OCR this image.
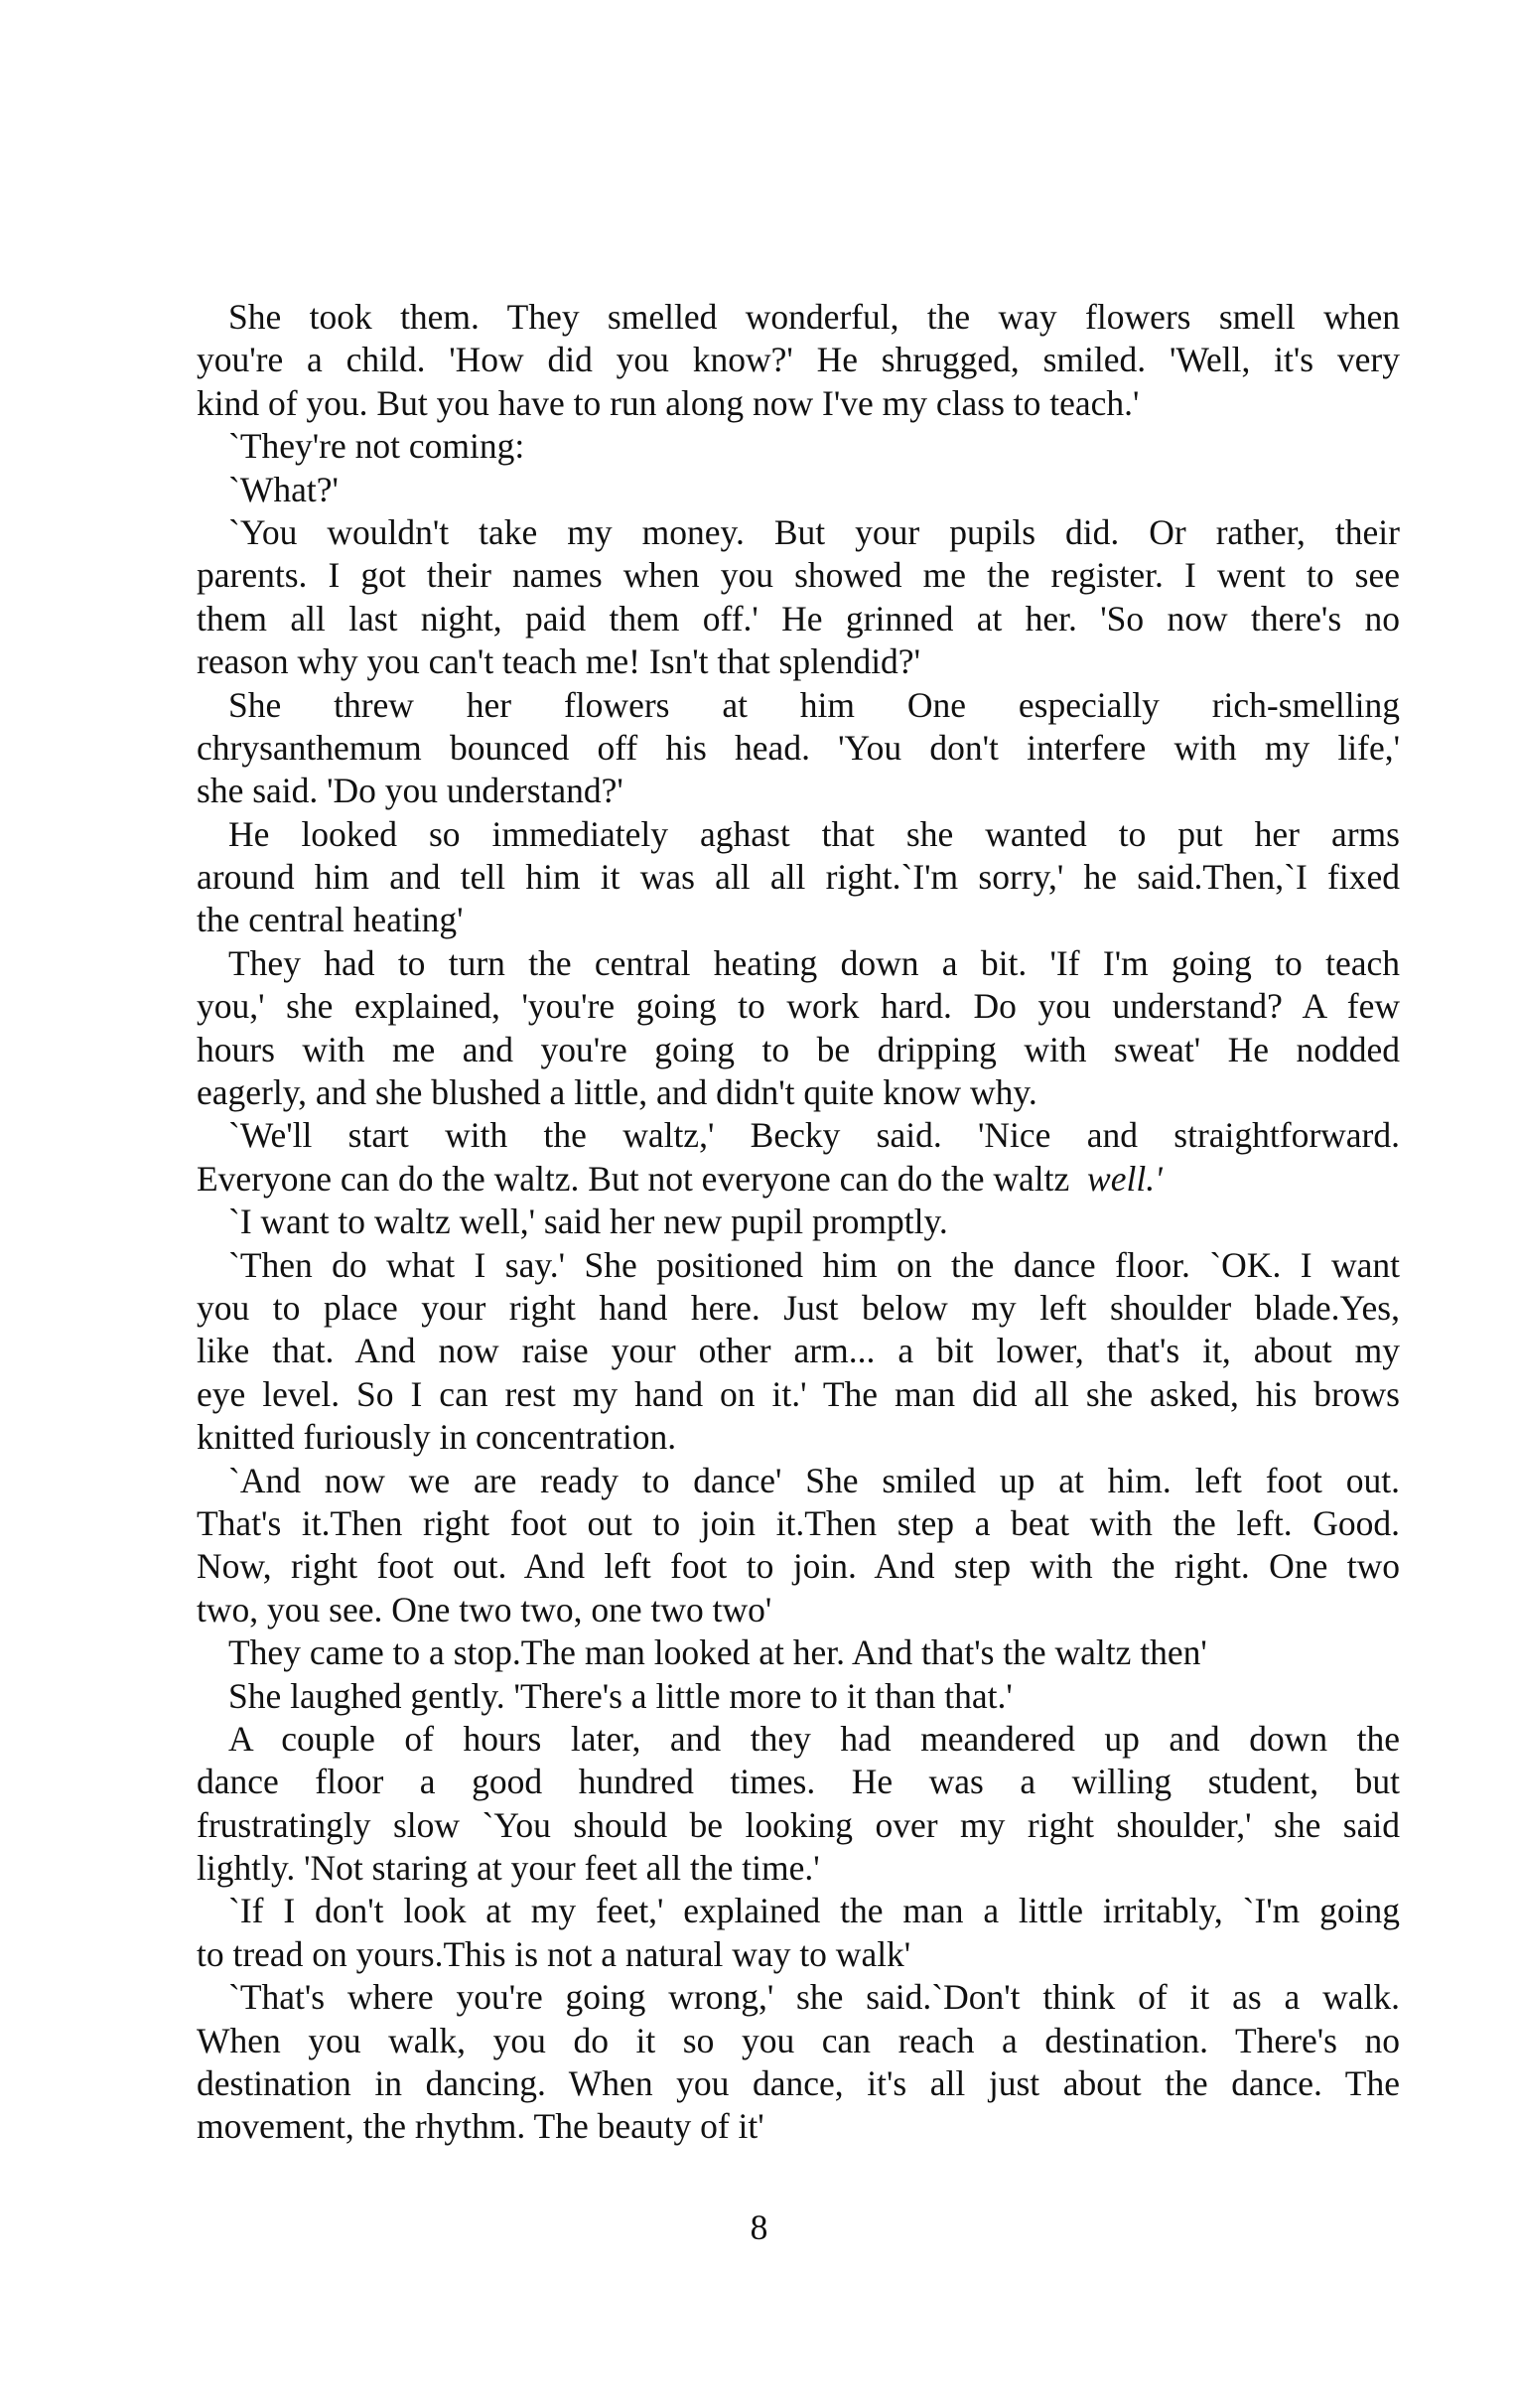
She took them. They smelled wonderful, the way flowers smell when
you're a child. 'How did you know?' He shrugged, smiled. 'Well, it's very
kind of you. But you have to run along now I've my class to teach.'
`They're not coming:
`What?'
`You wouldn't take my money. But your pupils did. Or rather, their
parents. I got their names when you showed me the register. I went to see
them all last night, paid them off.' He grinned at her. 'So now there's no
reason why you can't teach me! Isn't that splendid?'
She threw her flowers at him One especially rich-smelling
chrysanthemum bounced off his head. 'You don't interfere with my life,'
she said. 'Do you understand?'
He looked so immediately aghast that she wanted to put her arms
around him and tell him it was all all right.`I'm sorry,' he said.Then,`I fixed
the central heating'
They had to turn the central heating down a bit. 'If I'm going to teach
you,' she explained, 'you're going to work hard. Do you understand? A few
hours with me and you're going to be dripping with sweat' He nodded
eagerly, and she blushed a little, and didn't quite know why.
`We'll start with the waltz,' Becky said. 'Nice and straightforward.
Everyone can do the waltz. But not everyone can do the waltz  well.'
`I want to waltz well,' said her new pupil promptly.
`Then do what I say.' She positioned him on the dance floor. `OK. I want
you to place your right hand here. Just below my left shoulder blade.Yes,
like that. And now raise your other arm... a bit lower, that's it, about my
eye level. So I can rest my hand on it.' The man did all she asked, his brows
knitted furiously in concentration.
`And now we are ready to dance' She smiled up at him. left foot out.
That's it.Then right foot out to join it.Then step a beat with the left. Good.
Now, right foot out. And left foot to join. And step with the right. One two
two, you see. One two two, one two two'
They came to a stop.The man looked at her. And that's the waltz then'
She laughed gently. 'There's a little more to it than that.'
A couple of hours later, and they had meandered up and down the
dance floor a good hundred times. He was a willing student, but
frustratingly slow `You should be looking over my right shoulder,' she said
lightly. 'Not staring at your feet all the time.'
`If I don't look at my feet,' explained the man a little irritably, `I'm going
to tread on yours.This is not a natural way to walk'
`That's where you're going wrong,' she said.`Don't think of it as a walk.
When you walk, you do it so you can reach a destination. There's no
destination in dancing. When you dance, it's all just about the dance. The
movement, the rhythm. The beauty of it'
8
